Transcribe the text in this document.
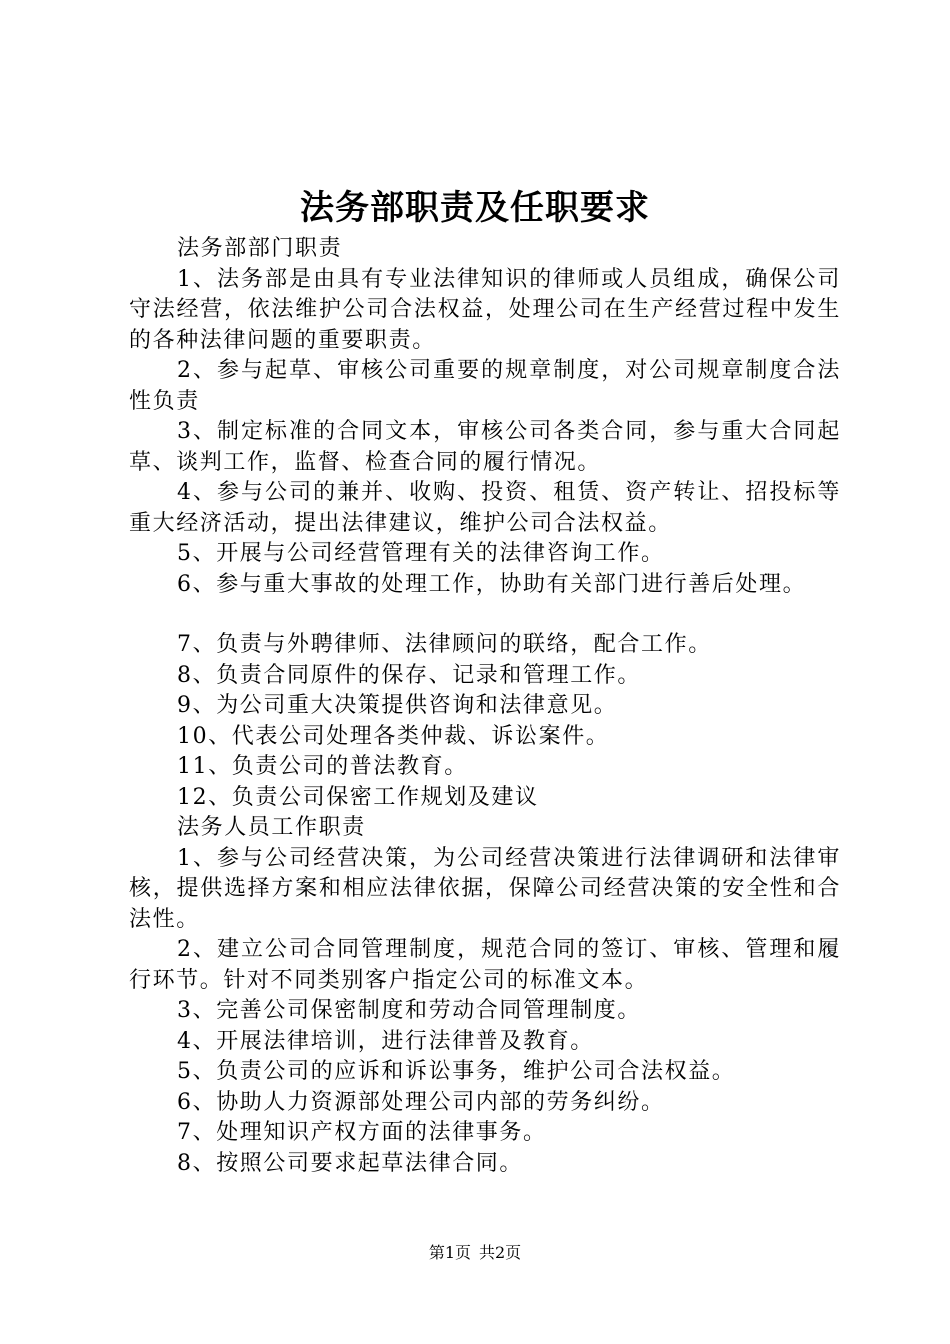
法务部职责及任职要求

法务部部门职责

1、法务部是由具有专业法律知识的律师或人员组成，确保公司守法经营，依法维护公司合法权益，处理公司在生产经营过程中发生的各种法律问题的重要职责。

2、参与起草、审核公司重要的规章制度，对公司规章制度合法性负责

3、制定标准的合同文本，审核公司各类合同，参与重大合同起草、谈判工作，监督、检查合同的履行情况。

4、参与公司的兼并、收购、投资、租赁、资产转让、招投标等重大经济活动，提出法律建议，维护公司合法权益。

5、开展与公司经营管理有关的法律咨询工作。

6、参与重大事故的处理工作，协助有关部门进行善后处理。

7、负责与外聘律师、法律顾问的联络，配合工作。

8、负责合同原件的保存、记录和管理工作。

9、为公司重大决策提供咨询和法律意见。

10、代表公司处理各类仲裁、诉讼案件。

11、负责公司的普法教育。

12、负责公司保密工作规划及建议

法务人员工作职责

1、参与公司经营决策，为公司经营决策进行法律调研和法律审核，提供选择方案和相应法律依据，保障公司经营决策的安全性和合法性。

2、建立公司合同管理制度，规范合同的签订、审核、管理和履行环节。针对不同类别客户指定公司的标准文本。

3、完善公司保密制度和劳动合同管理制度。

4、开展法律培训，进行法律普及教育。

5、负责公司的应诉和诉讼事务，维护公司合法权益。

6、协助人力资源部处理公司内部的劳务纠纷。

7、处理知识产权方面的法律事务。

8、按照公司要求起草法律合同。

第1页 共2页
